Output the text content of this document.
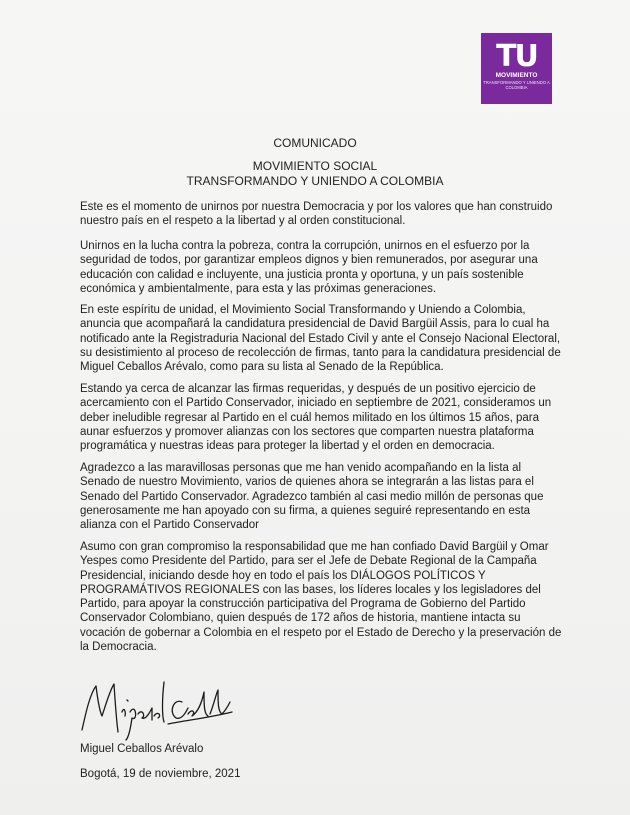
TU
MOVIMIENTO
TRANSFORMANDO Y UNIENDO A COLOMBIA
COMUNICADO
MOVIMIENTO SOCIAL
TRANSFORMANDO Y UNIENDO A COLOMBIA

Este es el momento de unirnos por nuestra Democracia y por los valores que han construido nuestro país en el respeto a la libertad y al orden constitucional.

Unirnos en la lucha contra la pobreza, contra la corrupción, unirnos en el esfuerzo por la seguridad de todos, por garantizar empleos dignos y bien remunerados, por asegurar una educación con calidad e incluyente, una justicia pronta y oportuna, y un país sostenible económica y ambientalmente, para esta y las próximas generaciones.

En este espíritu de unidad, el Movimiento Social Transformando y Uniendo a Colombia, anuncia que acompañará la candidatura presidencial de David Bargüil Assis, para lo cual ha notificado ante la Registraduria Nacional del Estado Civil y ante el Consejo Nacional Electoral, su desistimiento al proceso de recolección de firmas, tanto para la candidatura presidencial de Miguel Ceballos Arévalo, como para su lista al Senado de la República.

Estando ya cerca de alcanzar las firmas requeridas, y después de un positivo ejercicio de acercamiento con el Partido Conservador, iniciado en septiembre de 2021, consideramos un deber ineludible regresar al Partido en el cuál hemos militado en los últimos 15 años, para aunar esfuerzos y promover alianzas con los sectores que comparten nuestra plataforma programática y nuestras ideas para proteger la libertad y el orden en democracia.

Agradezco a las maravillosas personas que me han venido acompañando en la lista al Senado de nuestro Movimiento, varios de quienes ahora se integrarán a las listas para el Senado del Partido Conservador. Agradezco también al casi medio millón de personas que generosamente me han apoyado con su firma, a quienes seguiré representando en esta alianza con el Partido Conservador

Asumo con gran compromiso la responsabilidad que me han confiado David Bargüil y Omar Yespes como Presidente del Partido, para ser el Jefe de Debate Regional de la Campaña Presidencial, iniciando desde hoy en todo el país los DIÁLOGOS POLÍTICOS Y PROGRAMÁTIVOS REGIONALES con las bases, los líderes locales y los legisladores del Partido, para apoyar la construcción participativa del Programa de Gobierno del Partido Conservador Colombiano, quien después de 172 años de historia, mantiene intacta su vocación de gobernar a Colombia en el respeto por el Estado de Derecho y la preservación de la Democracia.

Miguel Ceballos Arévalo
Bogotá, 19 de noviembre, 2021
